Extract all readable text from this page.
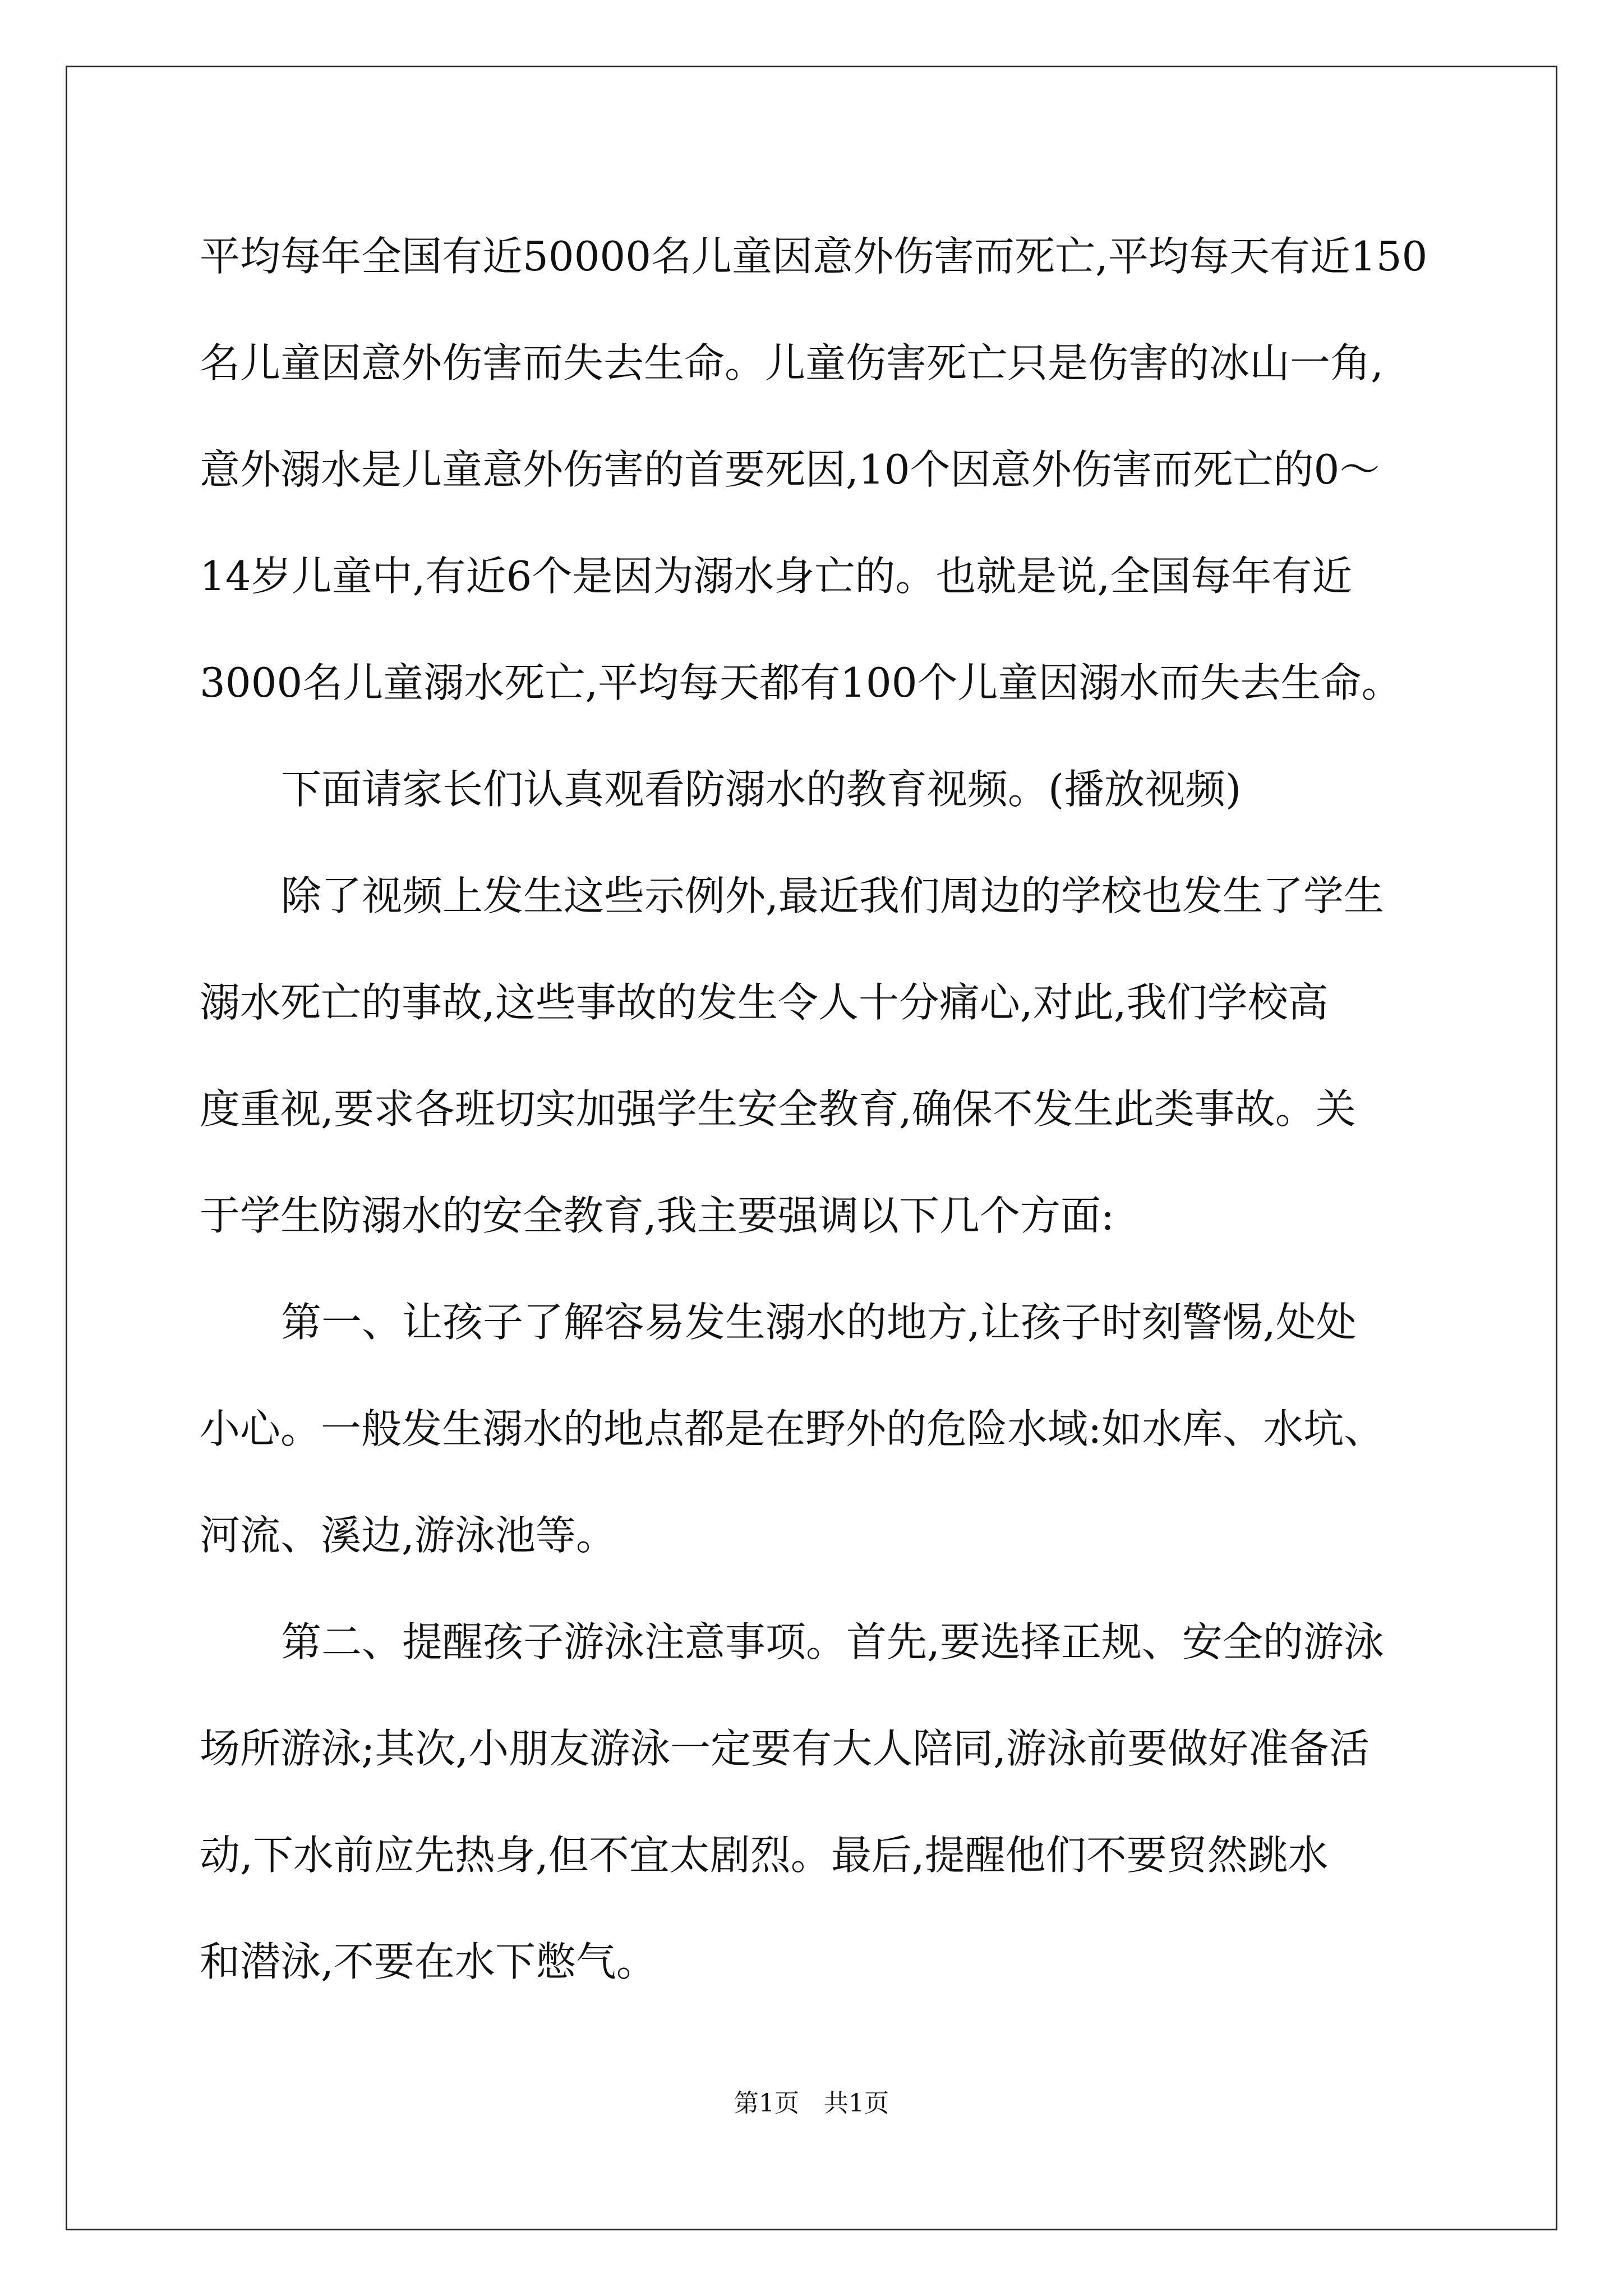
平均每年全国有近50000名儿童因意外伤害而死亡,平均每天有近150
名儿童因意外伤害而失去生命。儿童伤害死亡只是伤害的冰山一角,
意外溺水是儿童意外伤害的首要死因,10个因意外伤害而死亡的0～
14岁儿童中,有近6个是因为溺水身亡的。也就是说,全国每年有近
3000名儿童溺水死亡,平均每天都有100个儿童因溺水而失去生命。
下面请家长们认真观看防溺水的教育视频。(播放视频)
除了视频上发生这些示例外,最近我们周边的学校也发生了学生
溺水死亡的事故,这些事故的发生令人十分痛心,对此,我们学校高
度重视,要求各班切实加强学生安全教育,确保不发生此类事故。关
于学生防溺水的安全教育,我主要强调以下几个方面:
第一、让孩子了解容易发生溺水的地方,让孩子时刻警惕,处处
小心。一般发生溺水的地点都是在野外的危险水域:如水库、水坑、
河流、溪边,游泳池等。
第二、提醒孩子游泳注意事项。首先,要选择正规、安全的游泳
场所游泳;其次,小朋友游泳一定要有大人陪同,游泳前要做好准备活
动,下水前应先热身,但不宜太剧烈。最后,提醒他们不要贸然跳水
和潜泳,不要在水下憋气。
第1页 共1页
